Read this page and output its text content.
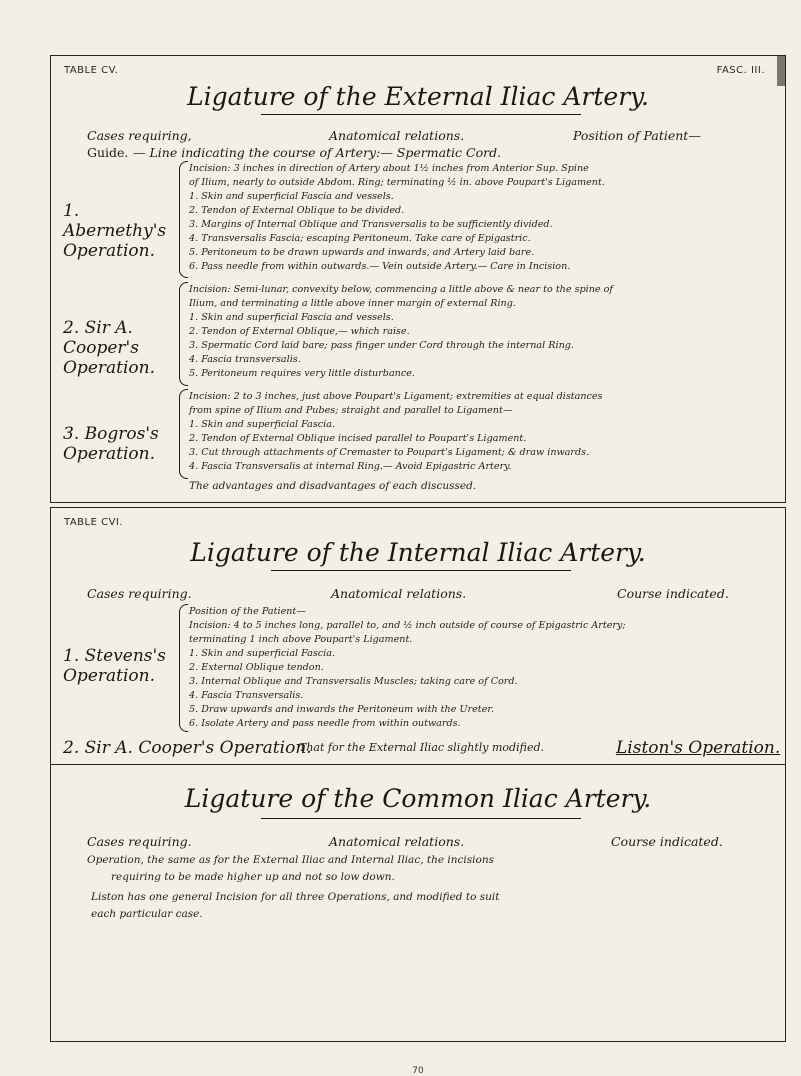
TABLE CV.	FASC. III.
Ligature of the External Iliac Artery.
Cases requiring,	Anatomical relations.	Position of Patient—
Guide. — Line indicating the course of Artery:— Spermatic Cord.
1. Abernethy's Operation.
Incision: 3 inches in direction of Artery about 1½ inches from Anterior Sup. Spine
of Ilium, nearly to outside Abdom. Ring; terminating ½ in. above Poupart's Ligament.
1. Skin and superficial Fascia and vessels.
2. Tendon of External Oblique to be divided.
3. Margins of Internal Oblique and Transversalis to be sufficiently divided.
4. Transversalis Fascia; escaping Peritoneum. Take care of Epigastric.
5. Peritoneum to be drawn upwards and inwards, and Artery laid bare.
6. Pass needle from within outwards.— Vein outside Artery.— Care in Incision.
2. Sir A. Cooper's Operation.
Incision: Semi-lunar, convexity below, commencing a little above & near to the spine of
Ilium, and terminating a little above inner margin of external Ring.
1. Skin and superficial Fascia and vessels.
2. Tendon of External Oblique,— which raise.
3. Spermatic Cord laid bare; pass finger under Cord through the internal Ring.
4. Fascia transversalis.
5. Peritoneum requires very little disturbance.
3. Bogros's Operation.
Incision: 2 to 3 inches, just above Poupart's Ligament; extremities at equal distances
from spine of Ilium and Pubes; straight and parallel to Ligament—
1. Skin and superficial Fascia.
2. Tendon of External Oblique incised parallel to Poupart's Ligament.
3. Cut through attachments of Cremaster to Poupart's Ligament; & draw inwards.
4. Fascia Transversalis at internal Ring.— Avoid Epigastric Artery.
The advantages and disadvantages of each discussed.
TABLE CVI.
Ligature of the Internal Iliac Artery.
Cases requiring.	Anatomical relations.	Course indicated.
1. Stevens's Operation.
Position of the Patient—
Incision: 4 to 5 inches long, parallel to, and ½ inch outside of course of Epigastric Artery;
terminating 1 inch above Poupart's Ligament.
1. Skin and superficial Fascia.
2. External Oblique tendon.
3. Internal Oblique and Transversalis Muscles; taking care of Cord.
4. Fascia Transversalis.
5. Draw upwards and inwards the Peritoneum with the Ureter.
6. Isolate Artery and pass needle from within outwards.
2. Sir A. Cooper's Operation.
That for the External Iliac slightly modified.	Liston's Operation.
Ligature of the Common Iliac Artery.
Cases requiring.	Anatomical relations.	Course indicated.
Operation, the same as for the External Iliac and Internal Iliac, the incisions
requiring to be made higher up and not so low down.
Liston has one general Incision for all three Operations, and modified to suit
each particular case.
70
